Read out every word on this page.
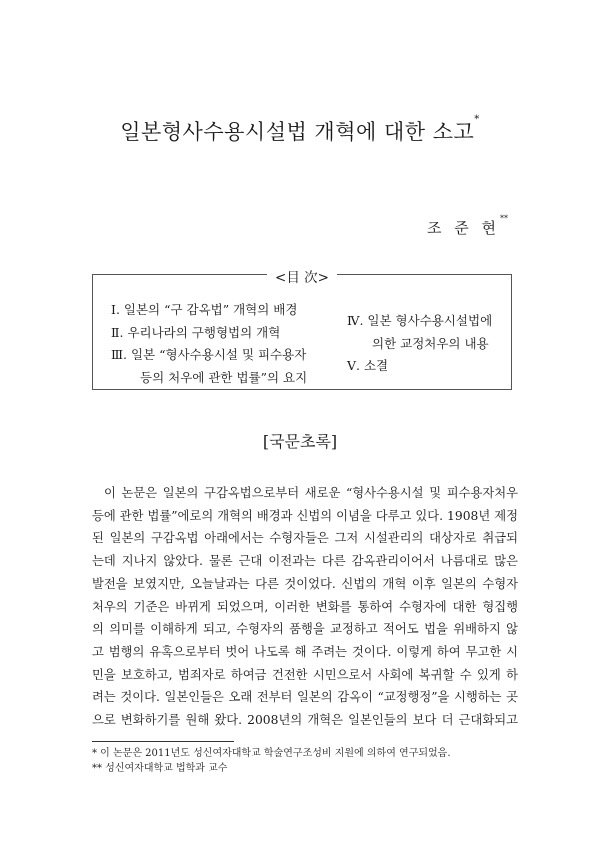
일본형사수용시설법 개혁에 대한 소고*
조 준 현**
<目 次>
Ⅰ. 일본의 “구 감옥법” 개혁의 배경
Ⅱ. 우리나라의 구행형법의 개혁
Ⅲ. 일본 “형사수용시설 및 피수용자
등의 처우에 관한 법률”의 요지
Ⅳ. 일본 형사수용시설법에
의한 교정처우의 내용
Ⅴ. 소결
[국문초록]
이 논문은 일본의 구감옥법으로부터 새로운 “형사수용시설 및 피수용자처우
등에 관한 법률”에로의 개혁의 배경과 신법의 이념을 다루고 있다. 1908년 제정
된 일본의 구감옥법 아래에서는 수형자들은 그저 시설관리의 대상자로 취급되
는데 지나지 않았다. 물론 근대 이전과는 다른 감옥관리이어서 나름대로 많은
발전을 보였지만, 오늘날과는 다른 것이었다. 신법의 개혁 이후 일본의 수형자
처우의 기준은 바뀌게 되었으며, 이러한 변화를 통하여 수형자에 대한 형집행
의 의미를 이해하게 되고, 수형자의 품행을 교정하고 적어도 법을 위배하지 않
고 범행의 유혹으로부터 벗어 나도록 해 주려는 것이다. 이렇게 하여 무고한 시
민을 보호하고, 범죄자로 하여금 건전한 시민으로서 사회에 복귀할 수 있게 하
려는 것이다. 일본인들은 오래 전부터 일본의 감옥이 “교정행정”을 시행하는 곳
으로 변화하기를 원해 왔다. 2008년의 개혁은 일본인들의 보다 더 근대화되고
* 이 논문은 2011년도 성신여자대학교 학술연구조성비 지원에 의하여 연구되었음.
** 성신여자대학교 법학과 교수
